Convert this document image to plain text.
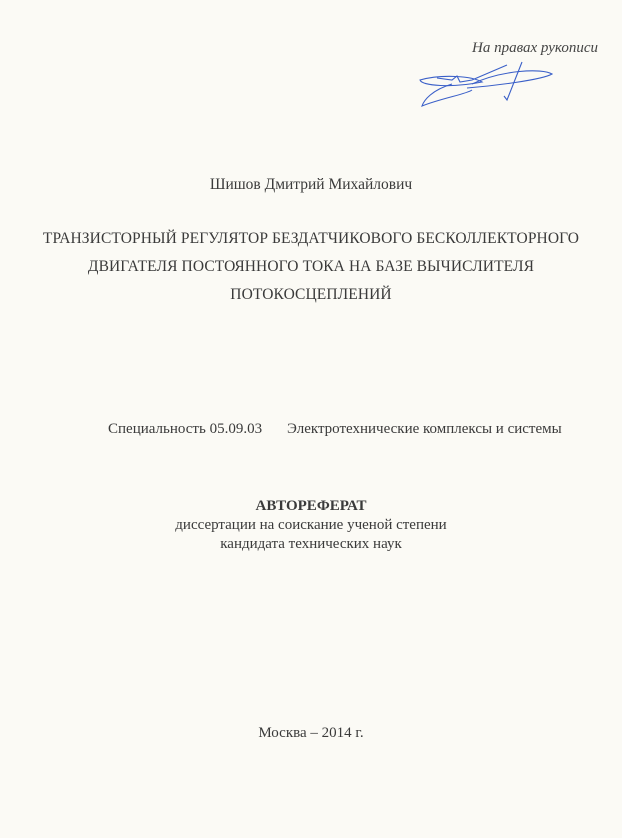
На правах рукописи
Шишов Дмитрий Михайлович
ТРАНЗИСТОРНЫЙ РЕГУЛЯТОР БЕЗДАТЧИКОВОГО БЕСКОЛЛЕКТОРНОГО
ДВИГАТЕЛЯ ПОСТОЯННОГО ТОКА НА БАЗЕ ВЫЧИСЛИТЕЛЯ
ПОТОКОСЦЕПЛЕНИЙ
Специальность 05.09.03 Электротехнические комплексы и системы
АВТОРЕФЕРАТ
диссертации на соискание ученой степени
кандидата технических наук
Москва – 2014 г.
